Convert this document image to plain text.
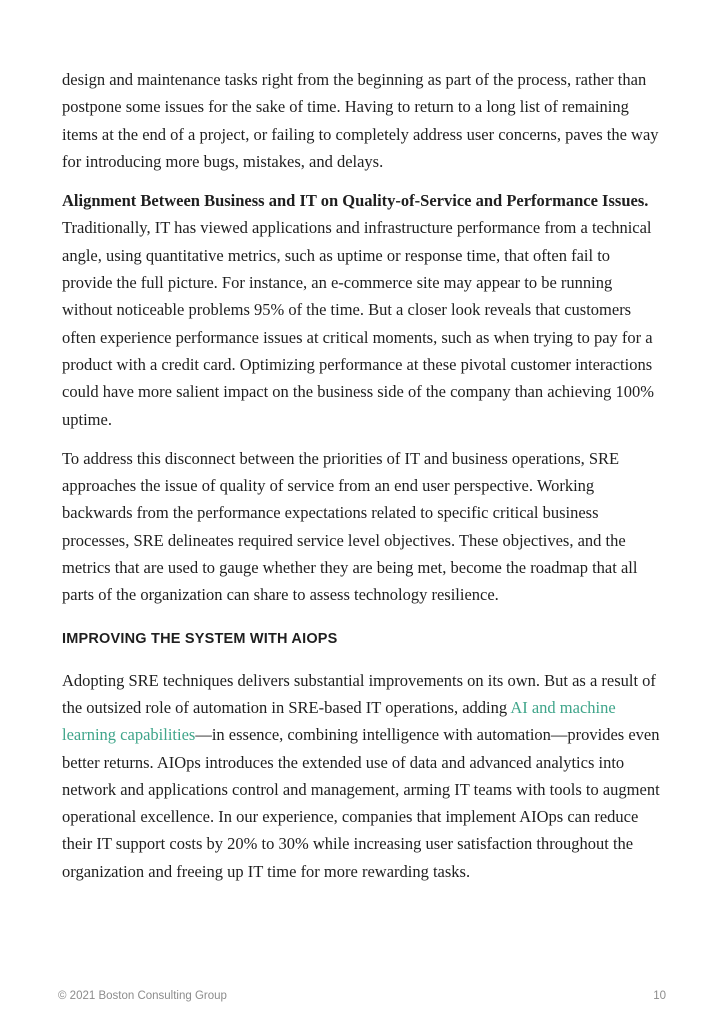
design and maintenance tasks right from the beginning as part of the process, rather than postpone some issues for the sake of time. Having to return to a long list of remaining items at the end of a project, or failing to completely address user concerns, paves the way for introducing more bugs, mistakes, and delays.

Alignment Between Business and IT on Quality-of-Service and Performance Issues. Traditionally, IT has viewed applications and infrastructure performance from a technical angle, using quantitative metrics, such as uptime or response time, that often fail to provide the full picture. For instance, an e-commerce site may appear to be running without noticeable problems 95% of the time. But a closer look reveals that customers often experience performance issues at critical moments, such as when trying to pay for a product with a credit card. Optimizing performance at these pivotal customer interactions could have more salient impact on the business side of the company than achieving 100% uptime.

To address this disconnect between the priorities of IT and business operations, SRE approaches the issue of quality of service from an end user perspective. Working backwards from the performance expectations related to specific critical business processes, SRE delineates required service level objectives. These objectives, and the metrics that are used to gauge whether they are being met, become the roadmap that all parts of the organization can share to assess technology resilience.

IMPROVING THE SYSTEM WITH AIOPS

Adopting SRE techniques delivers substantial improvements on its own. But as a result of the outsized role of automation in SRE-based IT operations, adding AI and machine learning capabilities—in essence, combining intelligence with automation—provides even better returns. AIOps introduces the extended use of data and advanced analytics into network and applications control and management, arming IT teams with tools to augment operational excellence. In our experience, companies that implement AIOps can reduce their IT support costs by 20% to 30% while increasing user satisfaction throughout the organization and freeing up IT time for more rewarding tasks.

© 2021 Boston Consulting Group	10
